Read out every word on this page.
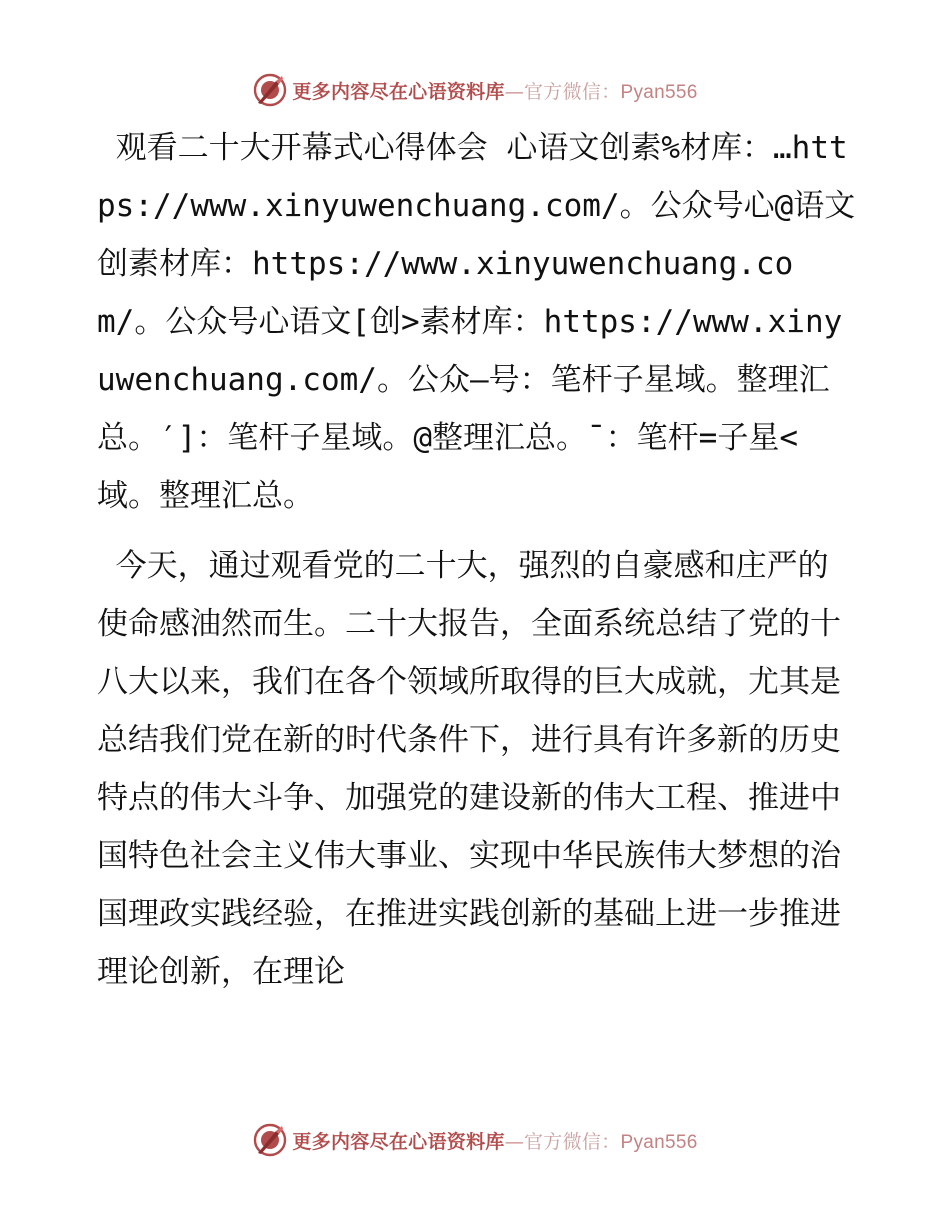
更多内容尽在心语资料库—官方微信：Pyan556

观看二十大开幕式心得体会 心语文创素%材库：…https://www.xinyuwenchuang.com/。公众号心@语文创素材库：https://www.xinyuwenchuang.com/。公众号心语文[创>素材库：https://www.xinyuwenchuang.com/。公众—号：笔杆子星域。整理汇总。′]：笔杆子星域。@整理汇总。¯：笔杆=子星<域。整理汇总。

今天，通过观看党的二十大，强烈的自豪感和庄严的使命感油然而生。二十大报告，全面系统总结了党的十八大以来，我们在各个领域所取得的巨大成就，尤其是总结我们党在新的时代条件下，进行具有许多新的历史特点的伟大斗争、加强党的建设新的伟大工程、推进中国特色社会主义伟大事业、实现中华民族伟大梦想的治国理政实践经验，在推进实践创新的基础上进一步推进理论创新，在理论

更多内容尽在心语资料库—官方微信：Pyan556
